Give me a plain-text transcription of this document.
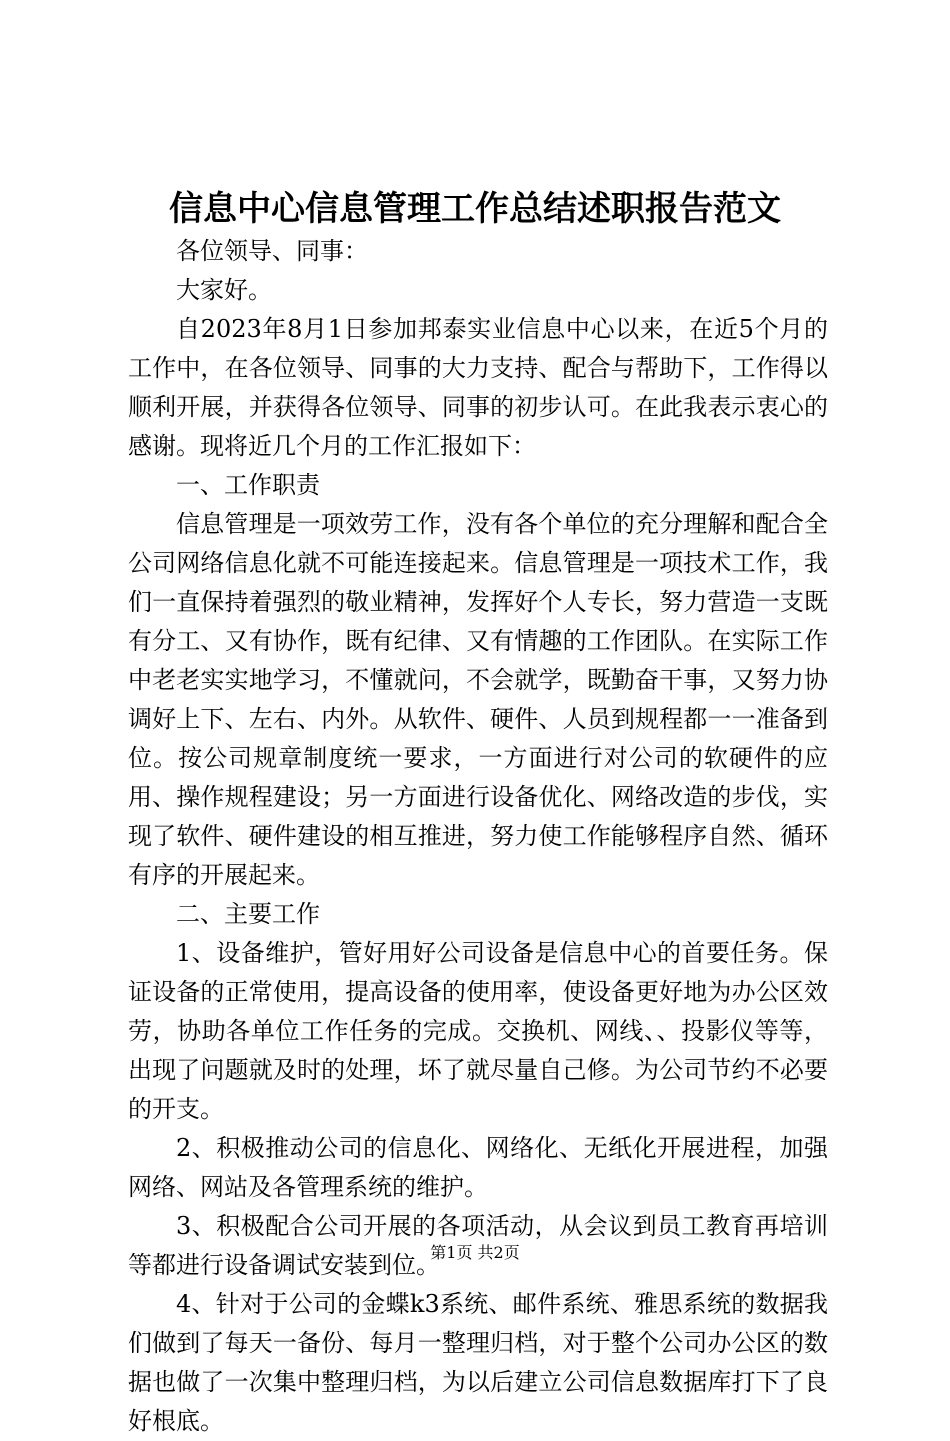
信息中心信息管理工作总结述职报告范文

各位领导、同事：

大家好。

自2023年8月1日参加邦泰实业信息中心以来，在近5个月的工作中，在各位领导、同事的大力支持、配合与帮助下，工作得以顺利开展，并获得各位领导、同事的初步认可。在此我表示衷心的感谢。现将近几个月的工作汇报如下：

一、工作职责

信息管理是一项效劳工作，没有各个单位的充分理解和配合全公司网络信息化就不可能连接起来。信息管理是一项技术工作，我们一直保持着强烈的敬业精神，发挥好个人专长，努力营造一支既有分工、又有协作，既有纪律、又有情趣的工作团队。在实际工作中老老实实地学习，不懂就问，不会就学，既勤奋干事，又努力协调好上下、左右、内外。从软件、硬件、人员到规程都一一准备到位。按公司规章制度统一要求，一方面进行对公司的软硬件的应用、操作规程建设；另一方面进行设备优化、网络改造的步伐，实现了软件、硬件建设的相互推进，努力使工作能够程序自然、循环有序的开展起来。

二、主要工作

1、设备维护，管好用好公司设备是信息中心的首要任务。保证设备的正常使用，提高设备的使用率，使设备更好地为办公区效劳，协助各单位工作任务的完成。交换机、网线、、投影仪等等，出现了问题就及时的处理，坏了就尽量自己修。为公司节约不必要的开支。

2、积极推动公司的信息化、网络化、无纸化开展进程，加强网络、网站及各管理系统的维护。

3、积极配合公司开展的各项活动，从会议到员工教育再培训等都进行设备调试安装到位。

4、针对于公司的金蝶k3系统、邮件系统、雅思系统的数据我们做到了每天一备份、每月一整理归档，对于整个公司办公区的数据也做了一次集中整理归档，为以后建立公司信息数据库打下了良好根底。

第1页 共2页
